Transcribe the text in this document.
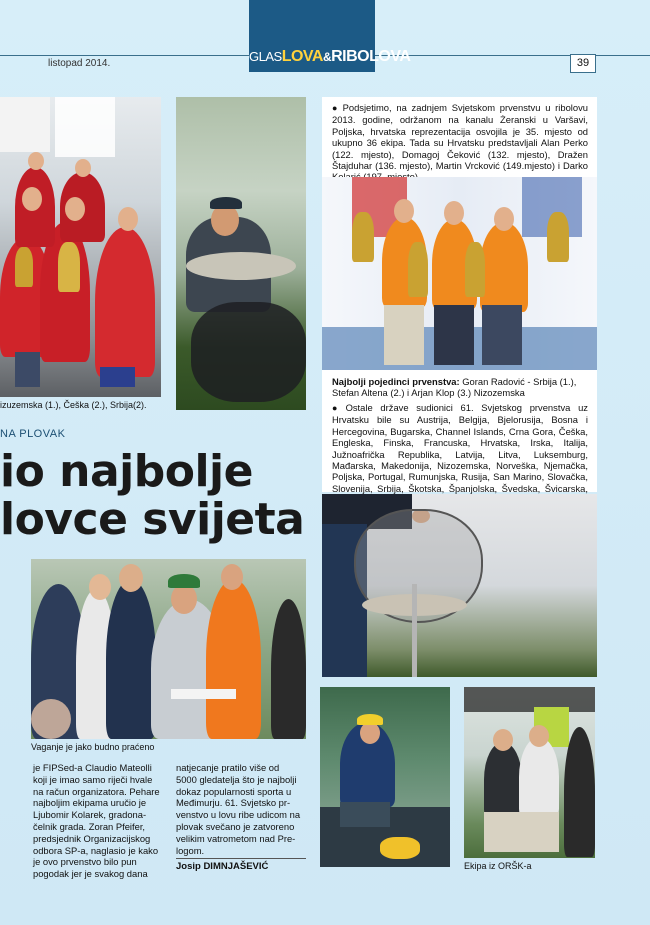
listopad 2014.	GLASLOVA&RIBOLOVA	39
izuzemska (1.), Češka (2.), Srbija(2).
● Podsjetimo, na zadnjem Svjetskom prvenstvu u ribolovu 2013. godine, održanom na kanalu Żeranski u Varšavi, Poljska, hrvatska reprezentacija osvojila je 35. mjesto od ukupno 36 ekipa. Tada su Hrvatsku predstavljali Alan Perko (122. mjesto), Domagoj Čeković (132. mjesto), Dražen Štajduhar (136. mjesto), Martin Vrcković (149.mjesto) i Darko
Najbolji pojedinci prvenstva: Goran Radović - Srbija (1.), Stefan Altena (2.) i Arjan Klop (3.) Nizozemska
● Ostale države sudionici 61. Svjetskog prvenstva uz Hrvatsku bile su Austrija, Belgija, Bjelorusija, Bosna i Hercegovina, Bugarska, Channel Islands, Crna Gora, Češka, Engleska, Finska, Francuska, Hrvatska, Irska, Italija, Južnoafrička Republika, Latvija, Litva, Luksemburg, Mađarska, Makedonija, Nizozemska, Norveška, Njemačka, Poljska, Portugal, Rumunjska, Rusija, San Marino, Slovačka, Slovenija, Srbija, Škotska, Španjolska, Švedska, Švicarska,
NA PLOVAK
io najbolje
lovce svijeta
Vaganje je jako budno praćeno
je FIPSed-a Claudio Mateolli
koji je imao samo riječi hvale
na račun organizatora. Pehare
najboljim ekipama uručio je
Ljubomir Kolarek, gradona-
čelnik grada. Zoran Pfeifer,
predsjednik Organizacijskog
odbora SP-a, naglasio je kako
je ovo prvenstvo bilo pun
pogodak jer je svakog dana
natjecanje pratilo više od
5000 gledatelja što je najbolji
dokaz popularnosti sporta u
Međimurju. 61. Svjetsko pr-
venstvo u lovu ribe udicom na
plovak svečano je zatvoreno
velikim vatrometom nad Pre-
logom.
Josip DIMNJAŠEVIĆ	Ekipa iz ORŠK-a
